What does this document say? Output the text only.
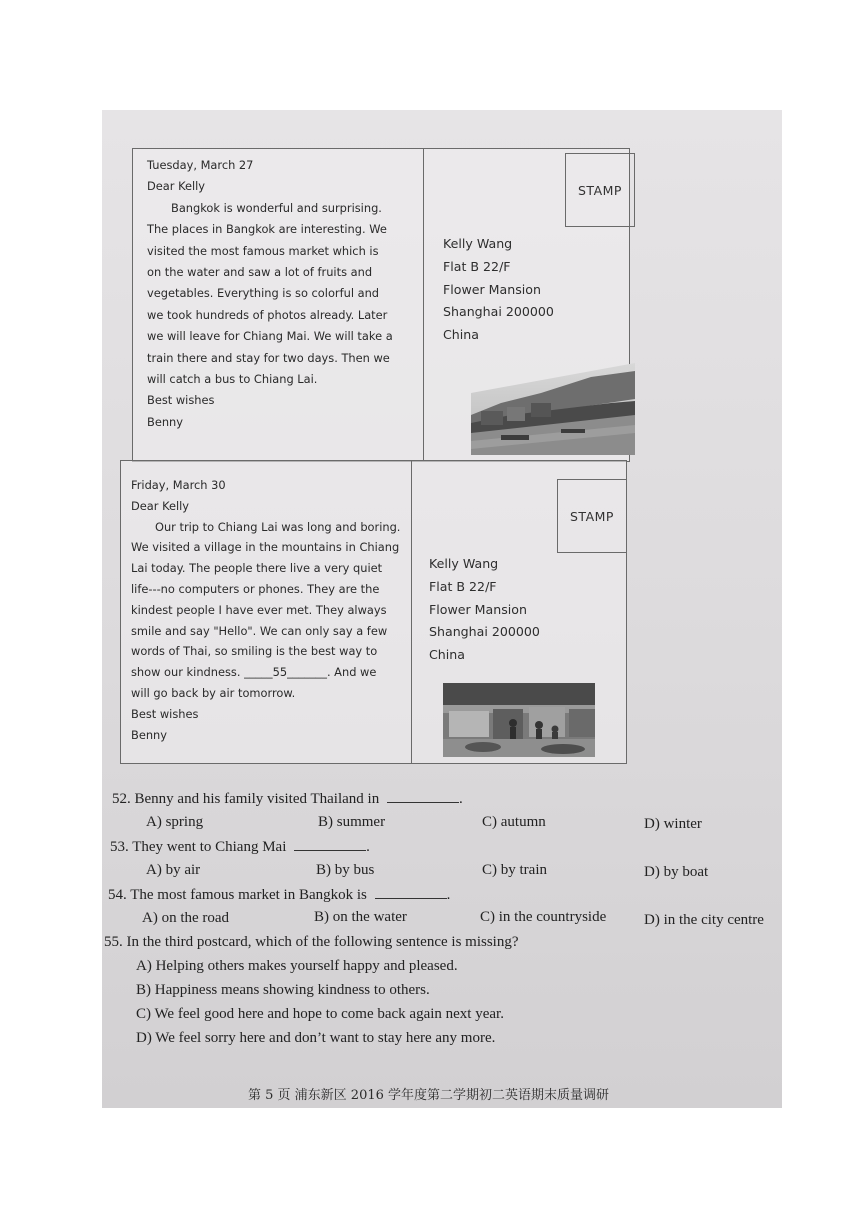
Tuesday, March 27
Dear Kelly
Bangkok is wonderful and surprising.
The places in Bangkok are interesting. We
visited the most famous market which is
on the water and saw a lot of fruits and
vegetables. Everything is so colorful and
we took hundreds of photos already. Later
we will leave for Chiang Mai. We will take a
train there and stay for two days. Then we
will catch a bus to Chiang Lai.
Best wishes
Benny
STAMP
Kelly Wang
Flat B 22/F
Flower Mansion
Shanghai 200000
China
Friday, March 30
Dear Kelly
Our trip to Chiang Lai was long and boring.
We visited a village in the mountains in Chiang
Lai today. The people there live a very quiet
life---no computers or phones. They are the
kindest people I have ever met. They always
smile and say "Hello". We can only say a few
words of Thai, so smiling is the best way to
show our kindness. _____55_______. And we
will go back by air tomorrow.
Best wishes
Benny
STAMP
Kelly Wang
Flat B 22/F
Flower Mansion
Shanghai 200000
China
52. Benny and his family visited Thailand in	.
A) spring	B) summer	C) autumn	D) winter
53. They went to Chiang Mai	.
A) by air	B) by bus	C) by train	D) by boat
54. The most famous market in Bangkok is	.
A) on the road	B) on the water	C) in the countryside	D) in the city centre
55. In the third postcard, which of the following sentence is missing?
A) Helping others makes yourself happy and pleased.
B) Happiness means showing kindness to others.
C) We feel good here and hope to come back again next year.
D) We feel sorry here and don’t want to stay here any more.
第 5 页 浦东新区 2016 学年度第二学期初二英语期末质量调研
